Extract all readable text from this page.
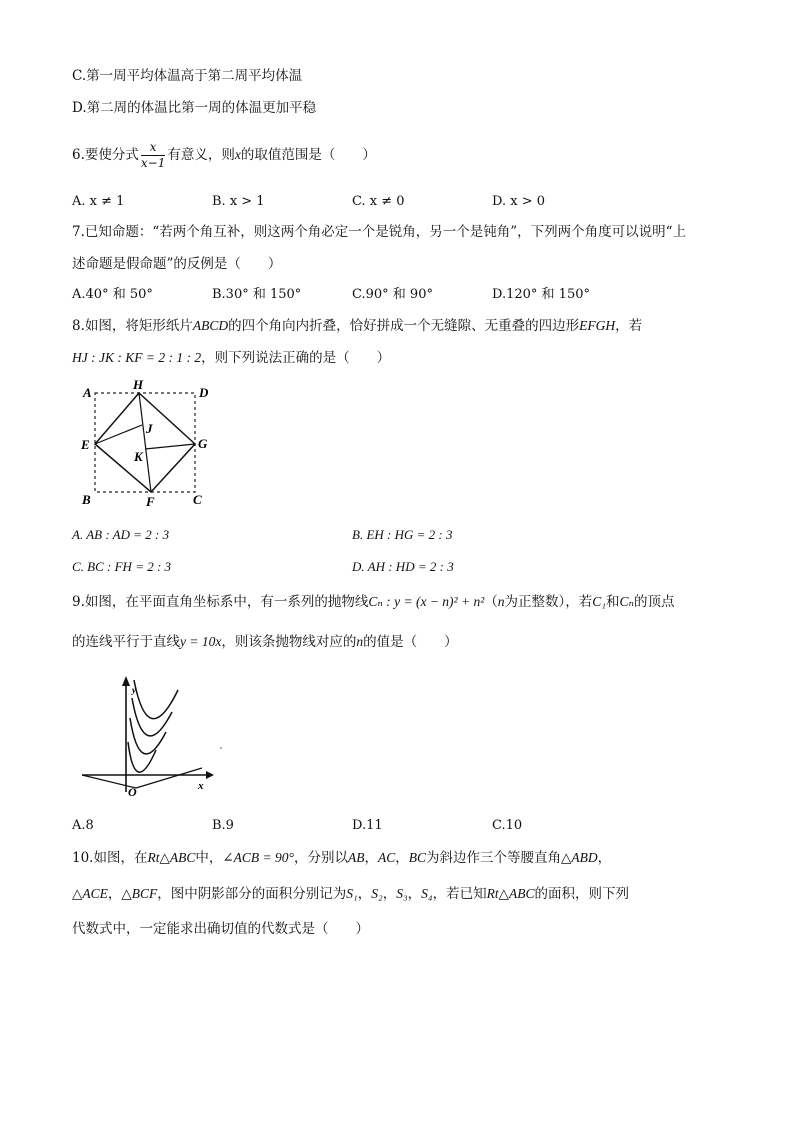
C.第一周平均体温高于第二周平均体温
D.第二周的体温比第一周的体温更加平稳
6.要使分式 $\frac{x}{x-1}$ 有意义，则x的取值范围是（　　）
A. x ≠ 1	B. x > 1	C. x ≠ 0	D. x > 0
7.已知命题：“若两个角互补，则这两个角必定一个是锐角，另一个是钝角”，下列两个角度可以说明“上
述命题是假命题”的反例是（　　）
A.40° 和 50°	B.30° 和 150°	C.90° 和 90°	D.120° 和 150°
8.如图，将矩形纸片ABCD的四个角向内折叠，恰好拼成一个无缝隙、无重叠的四边形EFGH，若
HJ : JK : KF = 2 : 1 : 2，则下列说法正确的是（　　）
A
H
D
E
J
K
G
B	F	C
A. AB : AD = 2 : 3	B. EH : HG = 2 : 3
C. BC : FH = 2 : 3	D. AH : HD = 2 : 3
9.如图，在平面直角坐标系中，有一系列的抛物线Cₙ : y = (x − n)² + n²（n为正整数），若C₁和Cₙ的顶点
的连线平行于直线y = 10x，则该条抛物线对应的n的值是（　　）
y
O	x
A.8	B.9	D.11	C.10
10.如图，在Rt△ABC中，∠ACB = 90°，分别以AB，AC，BC为斜边作三个等腰直角△ABD，
△ACE，△BCF，图中阴影部分的面积分别记为S₁，S₂，S₃，S₄，若已知Rt△ABC的面积，则下列
代数式中，一定能求出确切值的代数式是（　　）
